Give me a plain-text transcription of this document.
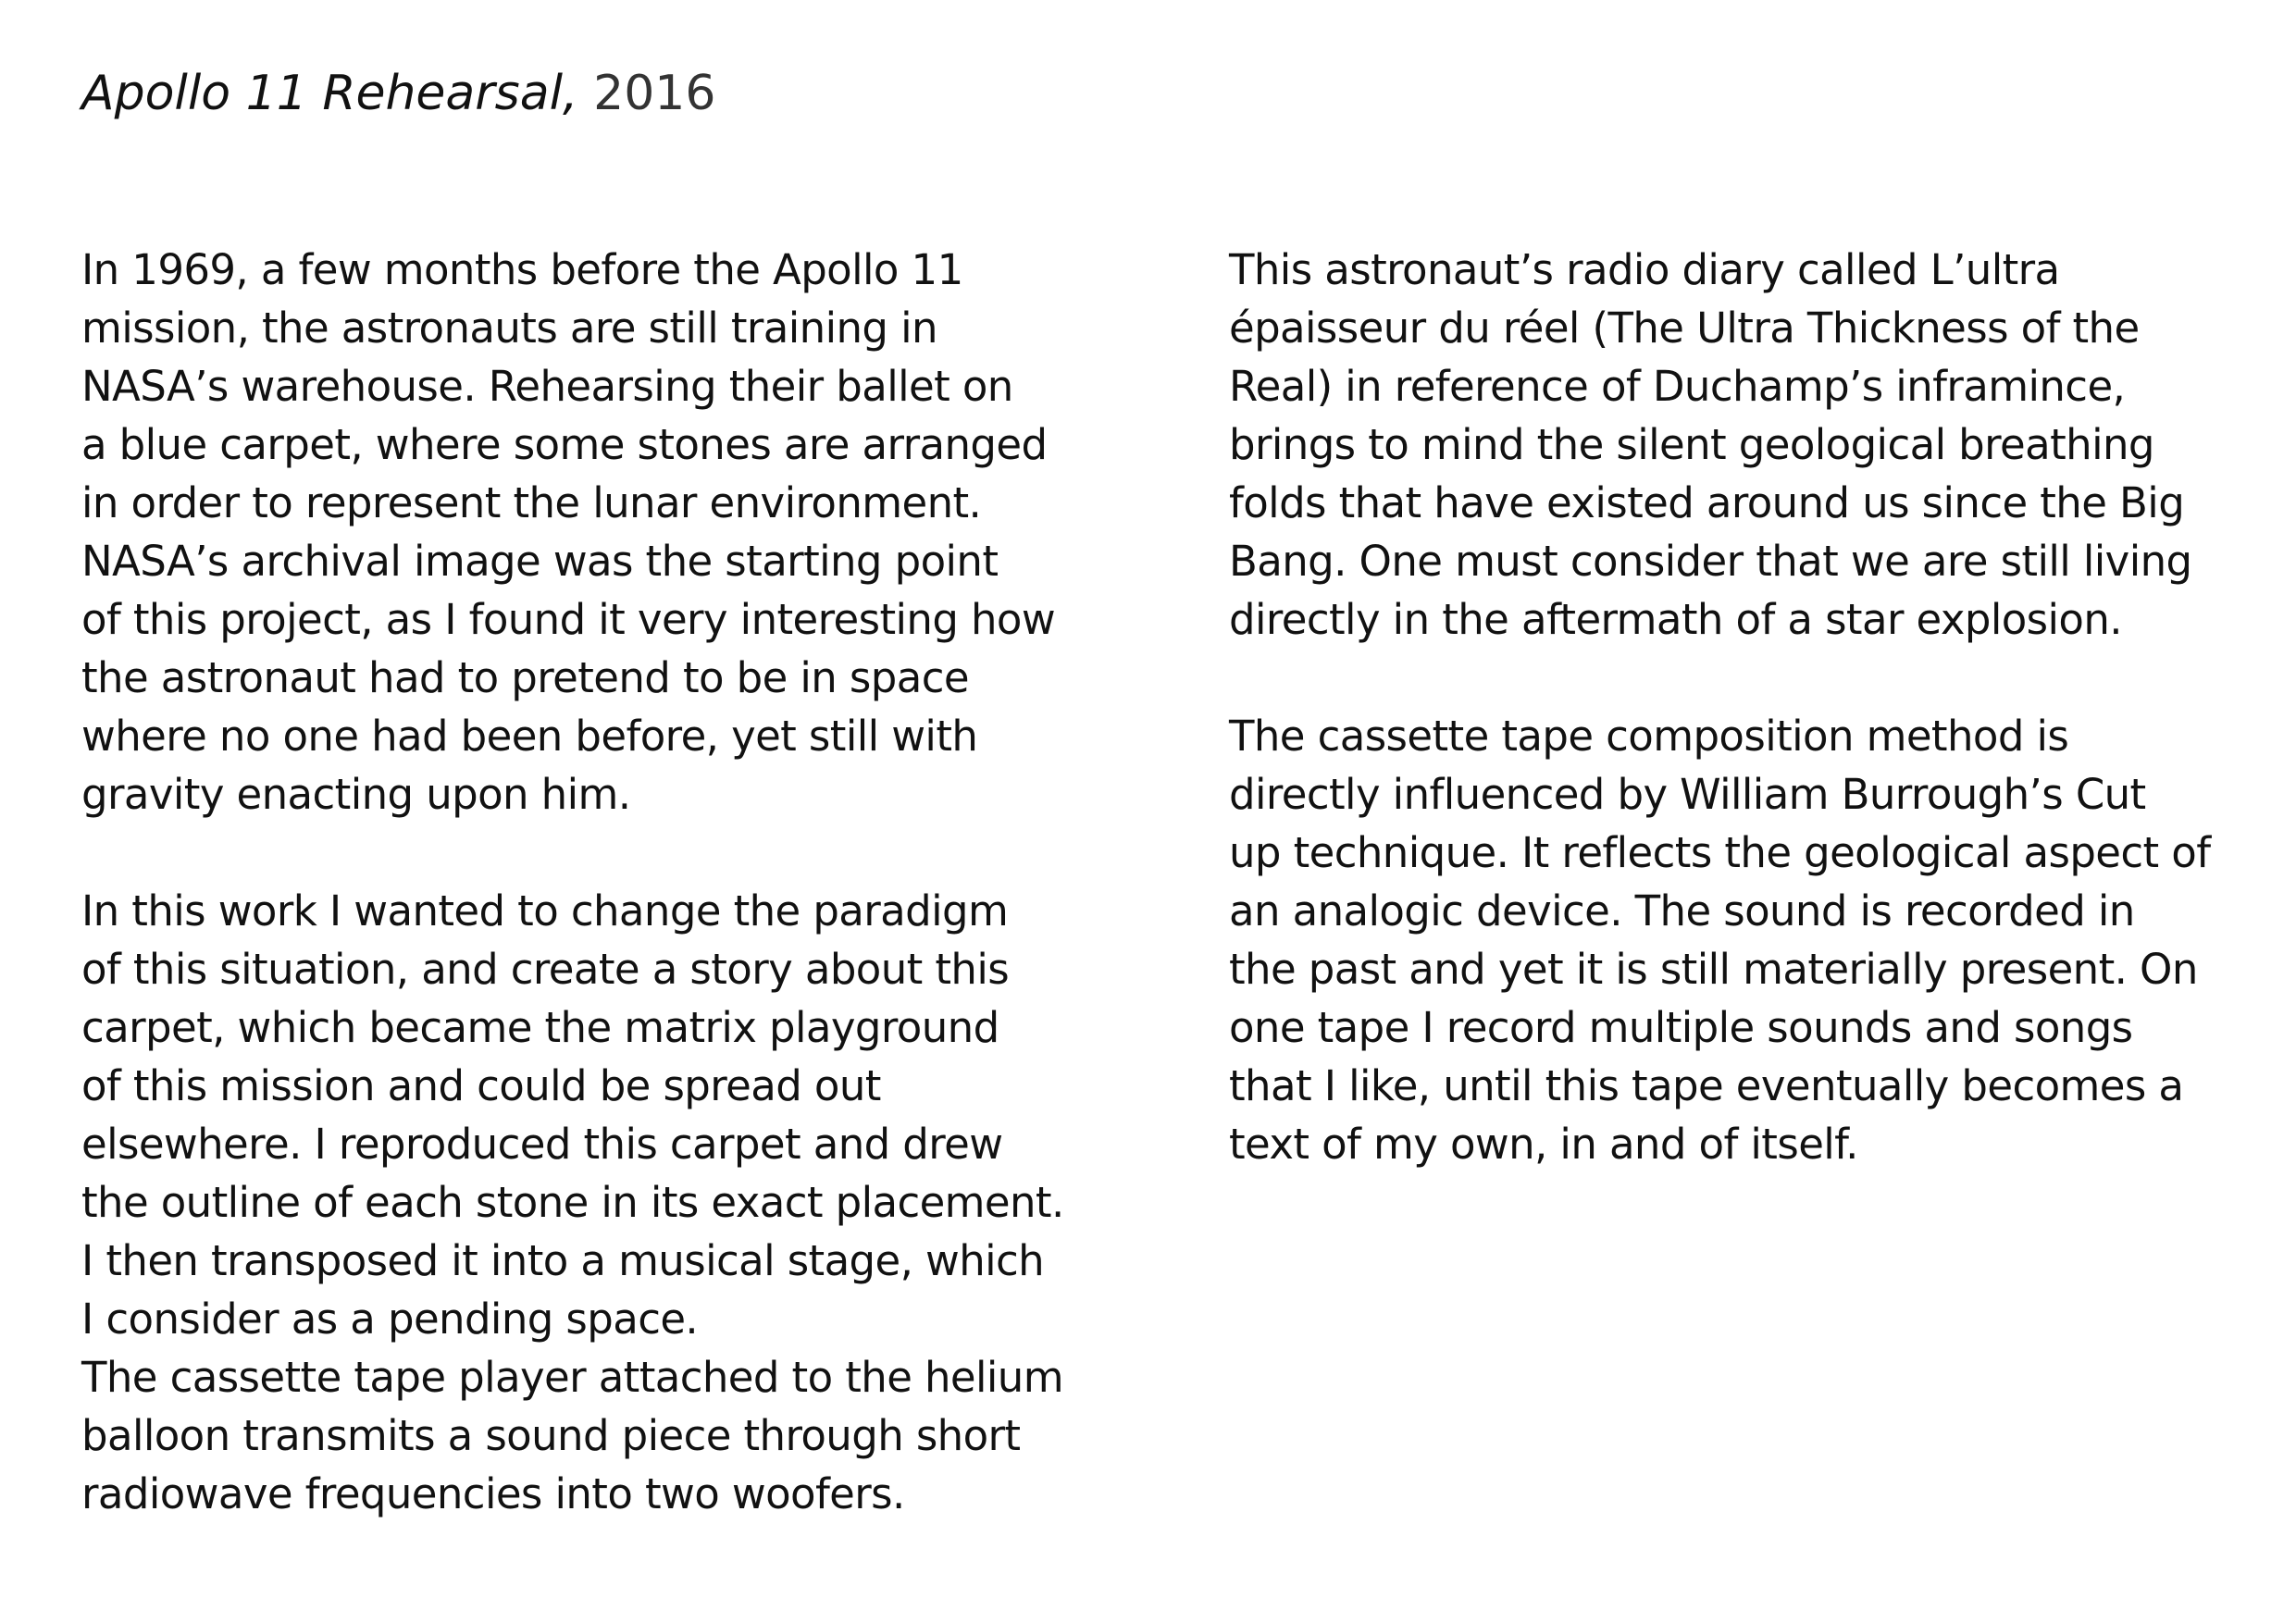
Apollo 11 Rehearsal, 2016
In 1969, a few months before the Apollo 11
mission, the astronauts are still training in
NASA’s warehouse. Rehearsing their ballet on
a blue carpet, where some stones are arranged
in order to represent the lunar environment.
NASA’s archival image was the starting point
of this project, as I found it very interesting how
the astronaut had to pretend to be in space
where no one had been before, yet still with
gravity enacting upon him.
In this work I wanted to change the paradigm
of this situation, and create a story about this
carpet, which became the matrix playground
of this mission and could be spread out
elsewhere. I reproduced this carpet and drew
the outline of each stone in its exact placement.
I then transposed it into a musical stage, which
I consider as a pending space.
The cassette tape player attached to the helium
balloon transmits a sound piece through short
radiowave frequencies into two woofers.
This astronaut’s radio diary called L’ultra
épaisseur du réel (The Ultra Thickness of the
Real) in reference of Duchamp’s inframince,
brings to mind the silent geological breathing
folds that have existed around us since the Big
Bang. One must consider that we are still living
directly in the aftermath of a star explosion.
The cassette tape composition method is
directly influenced by William Burrough’s Cut
up technique. It reflects the geological aspect of
an analogic device. The sound is recorded in
the past and yet it is still materially present. On
one tape I record multiple sounds and songs
that I like, until this tape eventually becomes a
text of my own, in and of itself.
